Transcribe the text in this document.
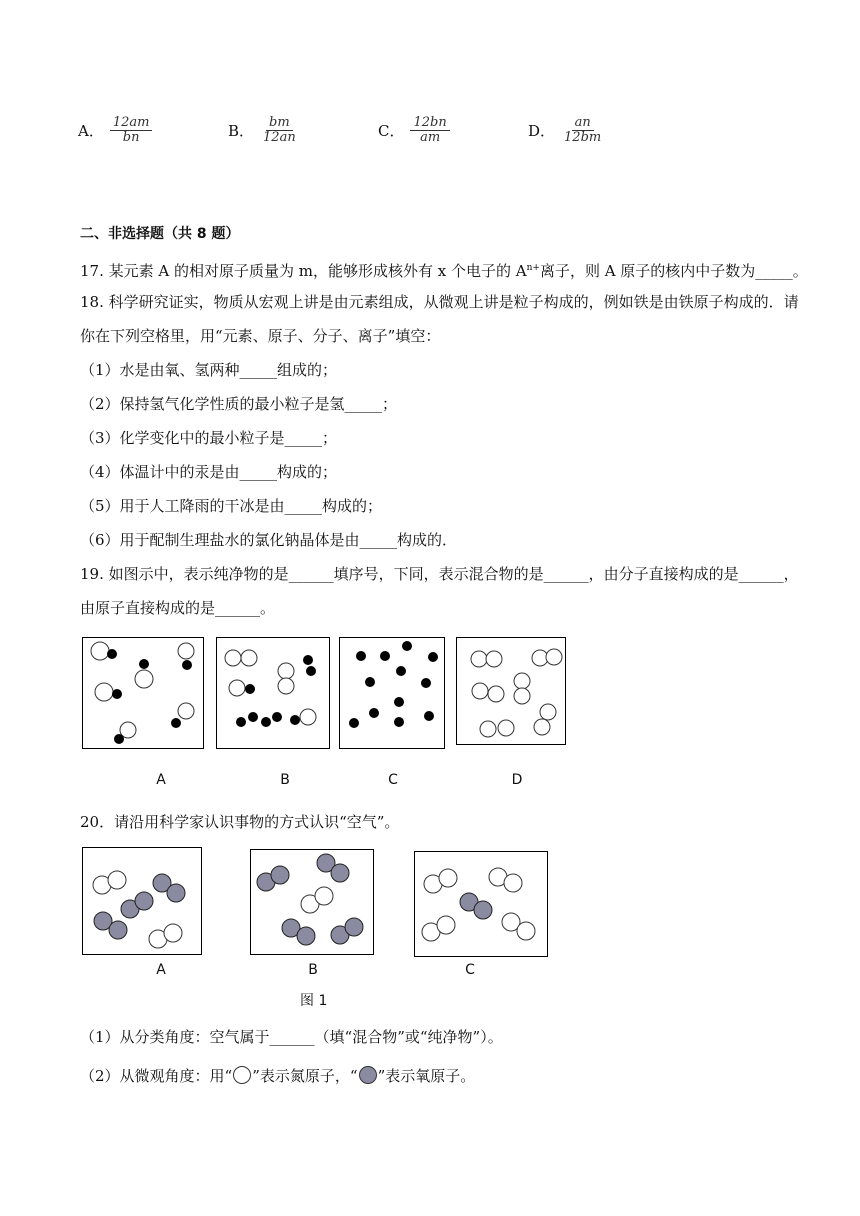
A． $\frac{12am}{bn}$	B． $\frac{bm}{12an}$	C． $\frac{12bn}{am}$	D． $\frac{an}{12bm}$
二、非选择题（共 8 题）
17. 某元素 A 的相对原子质量为 m，能够形成核外有 x 个电子的 $A^{n+}$离子，则 A 原子的核内中子数为_____。
18. 科学研究证实，物质从宏观上讲是由元素组成，从微观上讲是粒子构成的，例如铁是由铁原子构成的．请
你在下列空格里，用“元素、原子、分子、离子”填空：
（1）水是由氧、氢两种_____组成的；
（2）保持氢气化学性质的最小粒子是氢_____；
（3）化学变化中的最小粒子是_____；
（4）体温计中的汞是由_____构成的；
（5）用于人工降雨的干冰是由_____构成的；
（6）用于配制生理盐水的氯化钠晶体是由_____构成的．
19. 如图示中，表示纯净物的是______填序号，下同，表示混合物的是______，由分子直接构成的是______，
由原子直接构成的是______。
A	B	C	D
20．请沿用科学家认识事物的方式认识“空气”。
A	B	C
图 1
（1）从分类角度：空气属于______（填“混合物”或“纯净物”）。
（2）从微观角度：用“ ”表示氮原子，“ ”表示氧原子。
